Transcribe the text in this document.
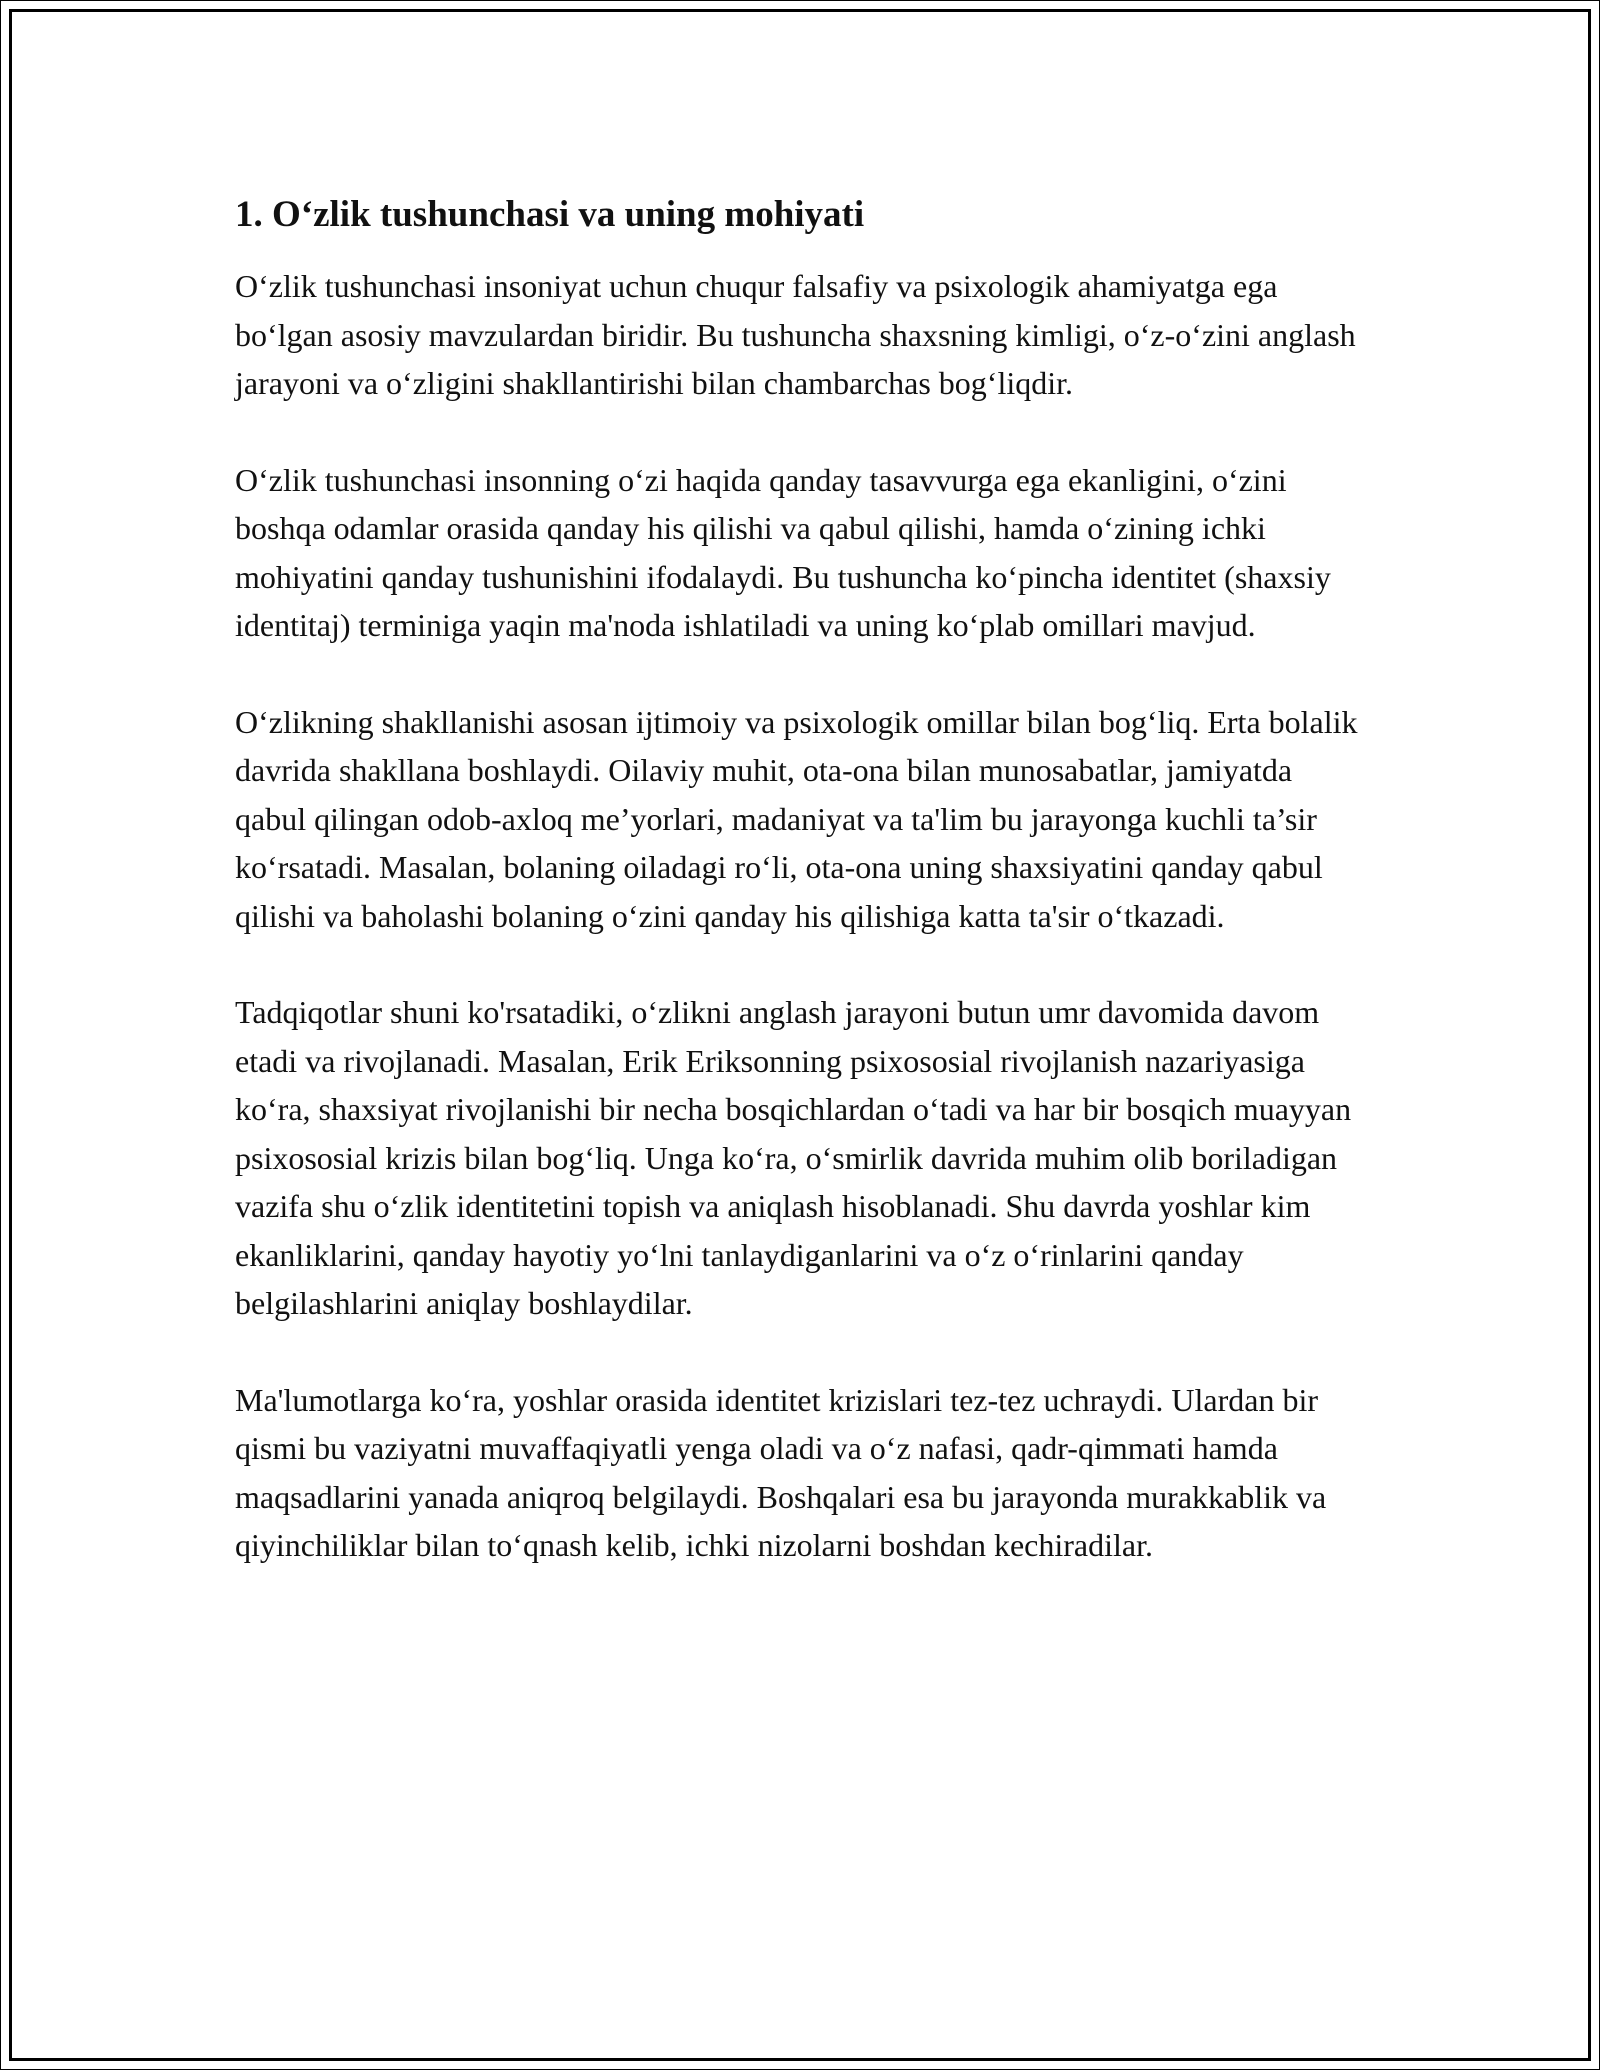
1. O‘zlik tushunchasi va uning mohiyati

O‘zlik tushunchasi insoniyat uchun chuqur falsafiy va psixologik ahamiyatga ega bo‘lgan asosiy mavzulardan biridir. Bu tushuncha shaxsning kimligi, o‘z-o‘zini anglash jarayoni va o‘zligini shakllantirishi bilan chambarchas bog‘liqdir.

O‘zlik tushunchasi insonning o‘zi haqida qanday tasavvurga ega ekanligini, o‘zini boshqa odamlar orasida qanday his qilishi va qabul qilishi, hamda o‘zining ichki mohiyatini qanday tushunishini ifodalaydi. Bu tushuncha ko‘pincha identitet (shaxsiy identitaj) terminiga yaqin ma'noda ishlatiladi va uning ko‘plab omillari mavjud.

O‘zlikning shakllanishi asosan ijtimoiy va psixologik omillar bilan bog‘liq. Erta bolalik davrida shakllana boshlaydi. Oilaviy muhit, ota-ona bilan munosabatlar, jamiyatda qabul qilingan odob-axloq me’yorlari, madaniyat va ta'lim bu jarayonga kuchli ta’sir ko‘rsatadi. Masalan, bolaning oiladagi ro‘li, ota-ona uning shaxsiyatini qanday qabul qilishi va baholashi bolaning o‘zini qanday his qilishiga katta ta'sir o‘tkazadi.

Tadqiqotlar shuni ko'rsatadiki, o‘zlikni anglash jarayoni butun umr davomida davom etadi va rivojlanadi. Masalan, Erik Eriksonning psixososial rivojlanish nazariyasiga ko‘ra, shaxsiyat rivojlanishi bir necha bosqichlardan o‘tadi va har bir bosqich muayyan psixososial krizis bilan bog‘liq. Unga ko‘ra, o‘smirlik davrida muhim olib boriladigan vazifa shu o‘zlik identitetini topish va aniqlash hisoblanadi. Shu davrda yoshlar kim ekanliklarini, qanday hayotiy yo‘lni tanlaydiganlarini va o‘z o‘rinlarini qanday belgilashlarini aniqlay boshlaydilar.

Ma'lumotlarga ko‘ra, yoshlar orasida identitet krizislari tez-tez uchraydi. Ulardan bir qismi bu vaziyatni muvaffaqiyatli yenga oladi va o‘z nafasi, qadr-qimmati hamda maqsadlarini yanada aniqroq belgilaydi. Boshqalari esa bu jarayonda murakkablik va qiyinchiliklar bilan to‘qnash kelib, ichki nizolarni boshdan kechiradilar.
